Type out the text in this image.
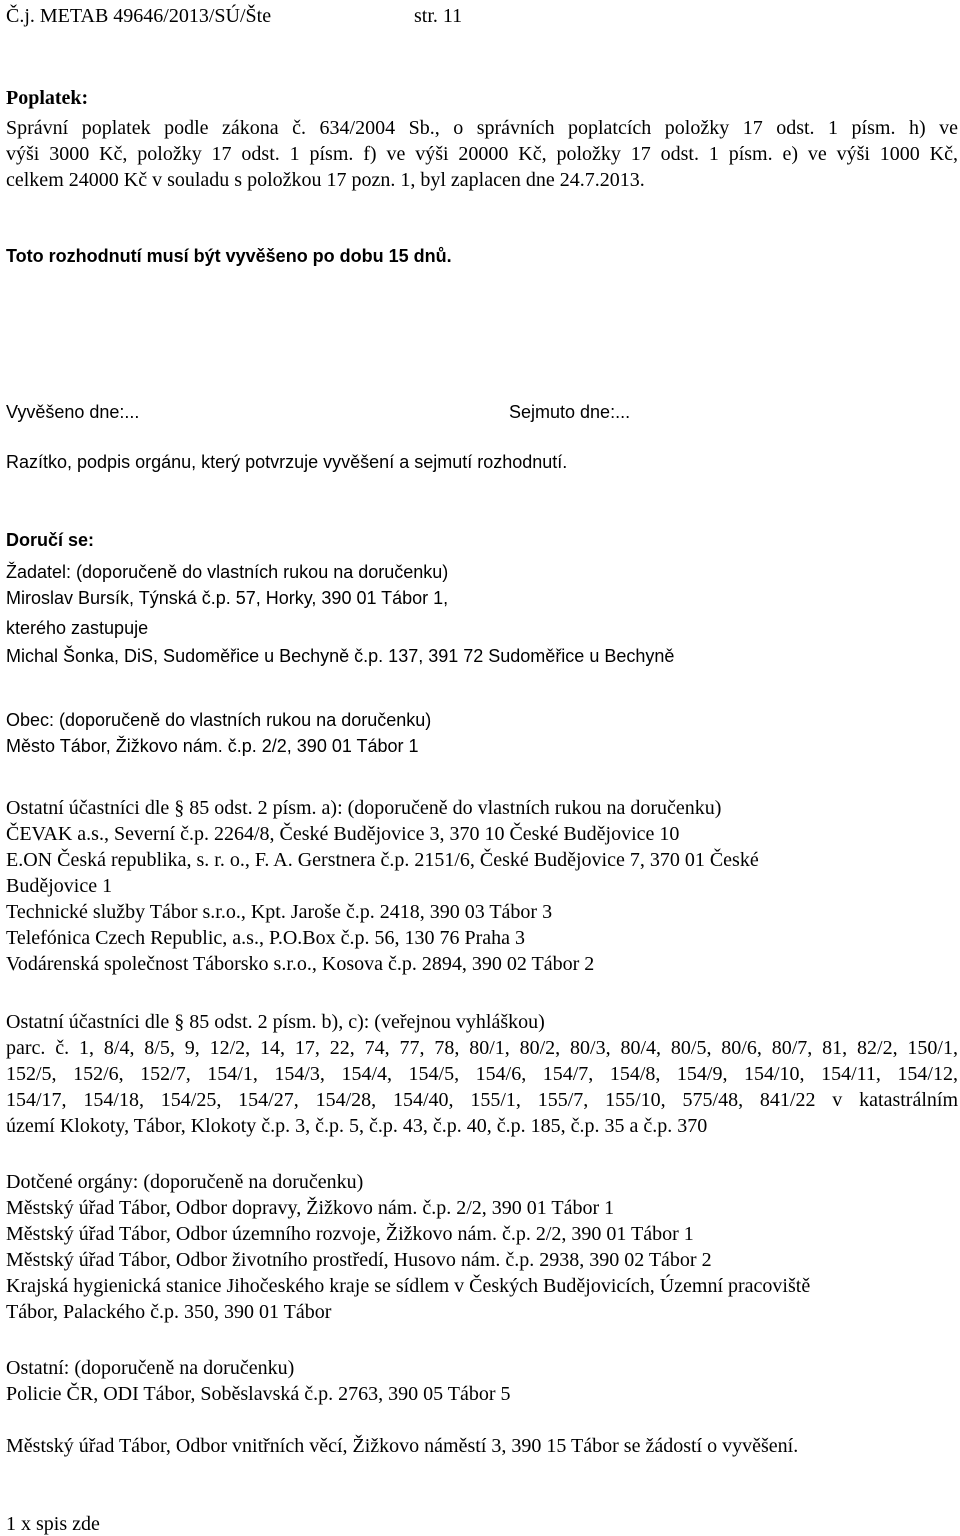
Č.j. METAB 49646/2013/SÚ/Šte	str. 11
Poplatek:
Správní poplatek podle zákona č. 634/2004 Sb., o správních poplatcích položky 17 odst. 1 písm. h) ve
výši 3000 Kč, položky 17 odst. 1 písm. f) ve výši 20000 Kč, položky 17 odst. 1 písm. e) ve výši 1000 Kč,
celkem 24000 Kč v souladu s položkou 17 pozn. 1, byl zaplacen dne 24.7.2013.
Toto rozhodnutí musí být vyvěšeno po dobu 15 dnů.
Vyvěšeno dne:...	Sejmuto dne:...
Razítko, podpis orgánu, který potvrzuje vyvěšení a sejmutí rozhodnutí.
Doručí se:
Žadatel: (doporučeně do vlastních rukou na doručenku)
Miroslav Bursík, Týnská č.p. 57, Horky, 390 01 Tábor 1,
kterého zastupuje
Michal Šonka, DiS, Sudoměřice u Bechyně č.p. 137, 391 72 Sudoměřice u Bechyně
Obec: (doporučeně do vlastních rukou na doručenku)
Město Tábor, Žižkovo nám. č.p. 2/2, 390 01 Tábor 1
Ostatní účastníci dle § 85 odst. 2 písm. a): (doporučeně do vlastních rukou na doručenku)
ČEVAK a.s., Severní č.p. 2264/8, České Budějovice 3, 370 10 České Budějovice 10
E.ON Česká republika, s. r. o., F. A. Gerstnera č.p. 2151/6, České Budějovice 7, 370 01 České
Budějovice 1
Technické služby Tábor s.r.o., Kpt. Jaroše č.p. 2418, 390 03 Tábor 3
Telefónica Czech Republic, a.s., P.O.Box č.p. 56, 130 76 Praha 3
Vodárenská společnost Táborsko s.r.o., Kosova č.p. 2894, 390 02 Tábor 2
Ostatní účastníci dle § 85 odst. 2 písm. b), c): (veřejnou vyhláškou)
parc. č. 1, 8/4, 8/5, 9, 12/2, 14, 17, 22, 74, 77, 78, 80/1, 80/2, 80/3, 80/4, 80/5, 80/6, 80/7, 81, 82/2, 150/1,
152/5, 152/6, 152/7, 154/1, 154/3, 154/4, 154/5, 154/6, 154/7, 154/8, 154/9, 154/10, 154/11, 154/12,
154/17, 154/18, 154/25, 154/27, 154/28, 154/40, 155/1, 155/7, 155/10, 575/48, 841/22 v katastrálním
území Klokoty, Tábor, Klokoty č.p. 3, č.p. 5, č.p. 43, č.p. 40, č.p. 185, č.p. 35 a č.p. 370
Dotčené orgány: (doporučeně na doručenku)
Městský úřad Tábor, Odbor dopravy, Žižkovo nám. č.p. 2/2, 390 01 Tábor 1
Městský úřad Tábor, Odbor územního rozvoje, Žižkovo nám. č.p. 2/2, 390 01 Tábor 1
Městský úřad Tábor, Odbor životního prostředí, Husovo nám. č.p. 2938, 390 02 Tábor 2
Krajská hygienická stanice Jihočeského kraje se sídlem v Českých Budějovicích, Územní pracoviště
Tábor, Palackého č.p. 350, 390 01 Tábor
Ostatní: (doporučeně na doručenku)
Policie ČR, ODI Tábor, Soběslavská č.p. 2763, 390 05 Tábor 5
Městský úřad Tábor, Odbor vnitřních věcí, Žižkovo náměstí 3, 390 15 Tábor se žádostí o vyvěšení.
1 x spis zde
